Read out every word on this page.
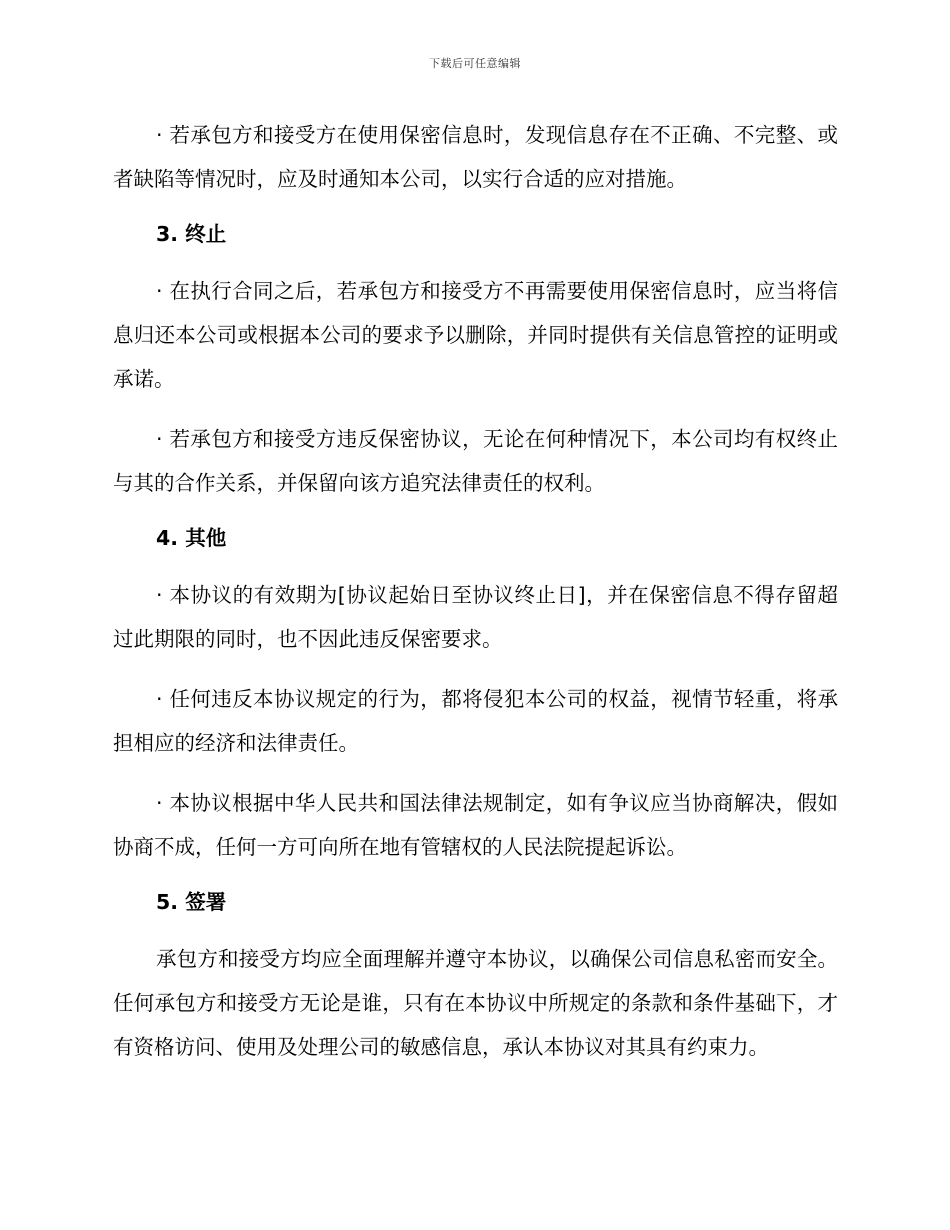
下载后可任意编辑

· 若承包方和接受方在使用保密信息时，发现信息存在不正确、不完整、或者缺陷等情况时，应及时通知本公司，以实行合适的应对措施。

3. 终止

· 在执行合同之后，若承包方和接受方不再需要使用保密信息时，应当将信息归还本公司或根据本公司的要求予以删除，并同时提供有关信息管控的证明或承诺。

· 若承包方和接受方违反保密协议，无论在何种情况下，本公司均有权终止与其的合作关系，并保留向该方追究法律责任的权利。

4. 其他

· 本协议的有效期为[协议起始日至协议终止日]，并在保密信息不得存留超过此期限的同时，也不因此违反保密要求。

· 任何违反本协议规定的行为，都将侵犯本公司的权益，视情节轻重，将承担相应的经济和法律责任。

· 本协议根据中华人民共和国法律法规制定，如有争议应当协商解决，假如协商不成，任何一方可向所在地有管辖权的人民法院提起诉讼。

5. 签署

承包方和接受方均应全面理解并遵守本协议，以确保公司信息私密而安全。任何承包方和接受方无论是谁，只有在本协议中所规定的条款和条件基础下，才有资格访问、使用及处理公司的敏感信息，承认本协议对其具有约束力。
